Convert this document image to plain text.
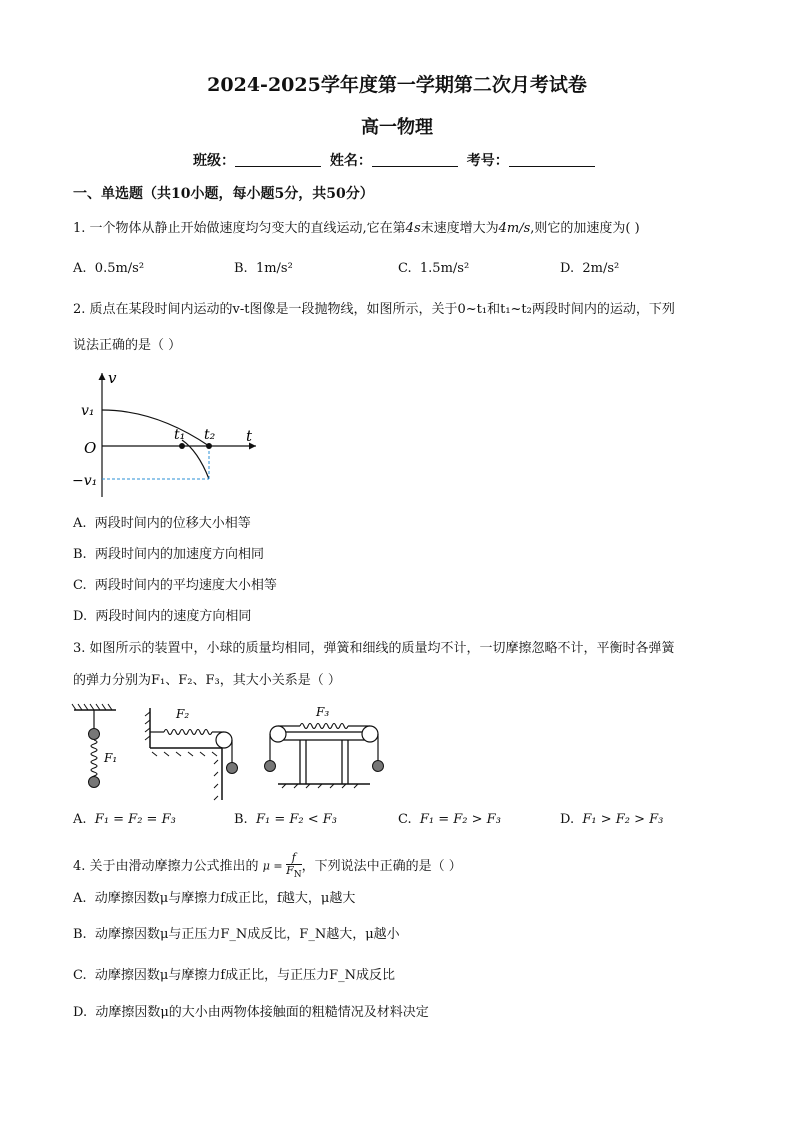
2024-2025学年度第一学期第二次月考试卷
高一物理
班级：	姓名：	考号：
一、单选题（共10小题，每小题5分，共50分）
1. 一个物体从静止开始做速度均匀变大的直线运动,它在第4s末速度增大为4m/s,则它的加速度为( )
A. 0.5m/s²	B. 1m/s²	C. 1.5m/s²	D. 2m/s²
2. 质点在某段时间内运动的v-t图像是一段抛物线，如图所示，关于0~t₁和t₁~t₂两段时间内的运动，下列
说法正确的是（ ）
v
t
v₁
O
t₁ t₂
−v₁
A. 两段时间内的位移大小相等
B. 两段时间内的加速度方向相同
C. 两段时间内的平均速度大小相等
D. 两段时间内的速度方向相同
3. 如图所示的装置中，小球的质量均相同，弹簧和细线的质量均不计，一切摩擦忽略不计，平衡时各弹簧
的弹力分别为F₁、F₂、F₃，其大小关系是（ ）
F₁
F₂	F₃
A. F₁ = F₂ = F₃	B. F₁ = F₂ < F₃	C. F₁ = F₂ > F₃	D. F₁ > F₂ > F₃
4. 关于由滑动摩擦力公式推出的 $\mu = \frac{f}{F_N}$ ，下列说法中正确的是（ ）
A. 动摩擦因数μ与摩擦力f成正比，f越大，μ越大
B. 动摩擦因数μ与正压力F_N成反比，F_N越大，μ越小
C. 动摩擦因数μ与摩擦力f成正比，与正压力F_N成反比
D. 动摩擦因数μ的大小由两物体接触面的粗糙情况及材料决定
